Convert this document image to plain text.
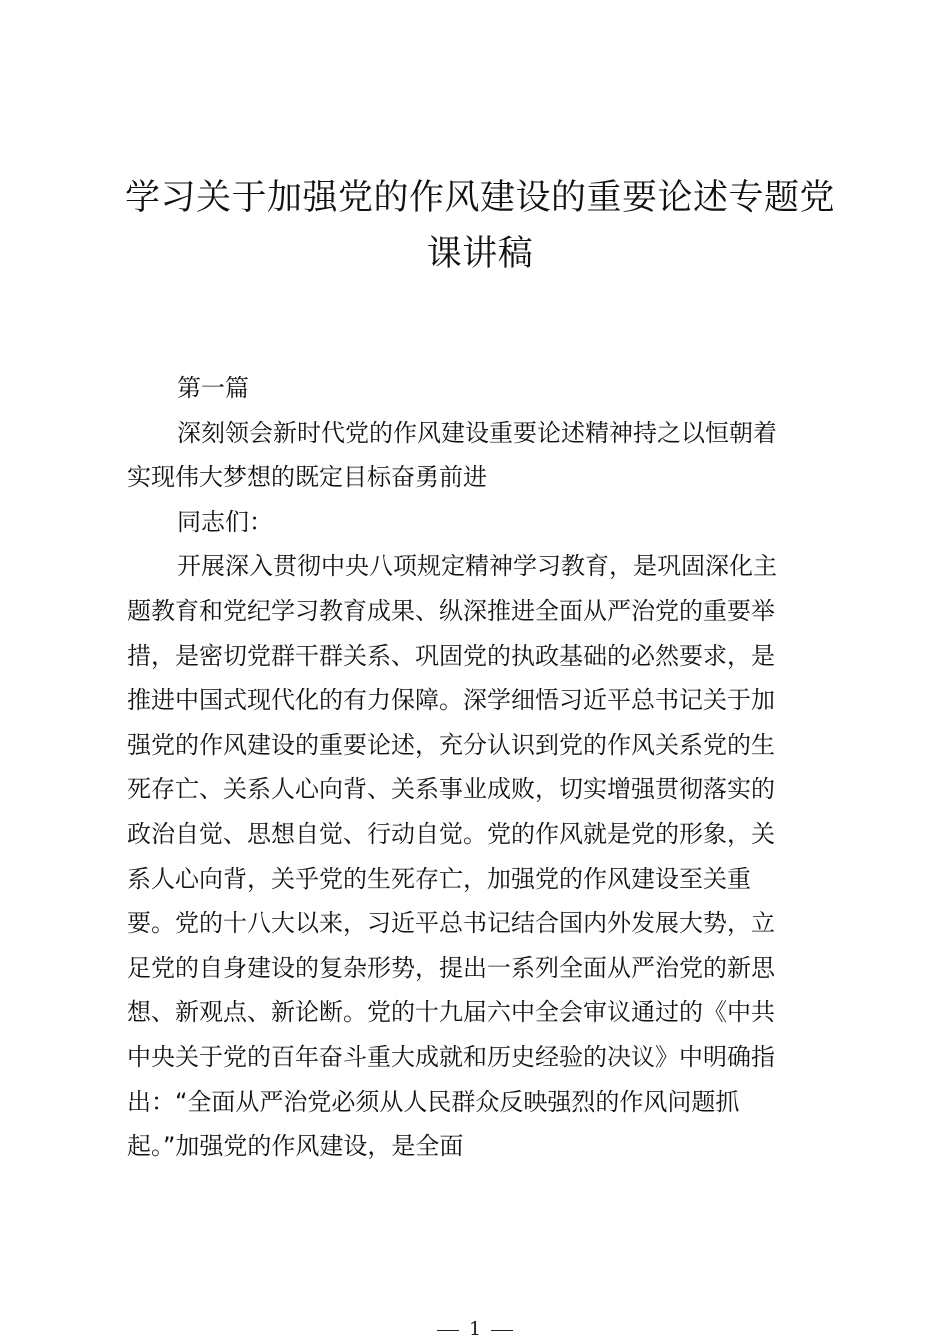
学习关于加强党的作风建设的重要论述专题党
课讲稿
第一篇
深刻领会新时代党的作风建设重要论述精神持之以恒朝着
实现伟大梦想的既定目标奋勇前进
同志们：
开展深入贯彻中央八项规定精神学习教育，是巩固深化主
题教育和党纪学习教育成果、纵深推进全面从严治党的重要举
措，是密切党群干群关系、巩固党的执政基础的必然要求，是
推进中国式现代化的有力保障。深学细悟习近平总书记关于加
强党的作风建设的重要论述，充分认识到党的作风关系党的生
死存亡、关系人心向背、关系事业成败，切实增强贯彻落实的
政治自觉、思想自觉、行动自觉。党的作风就是党的形象，关
系人心向背，关乎党的生死存亡，加强党的作风建设至关重
要。党的十八大以来，习近平总书记结合国内外发展大势，立
足党的自身建设的复杂形势，提出一系列全面从严治党的新思
想、新观点、新论断。党的十九届六中全会审议通过的《中共
中央关于党的百年奋斗重大成就和历史经验的决议》中明确指
出：“全面从严治党必须从人民群众反映强烈的作风问题抓
起。”加强党的作风建设，是全面
1
